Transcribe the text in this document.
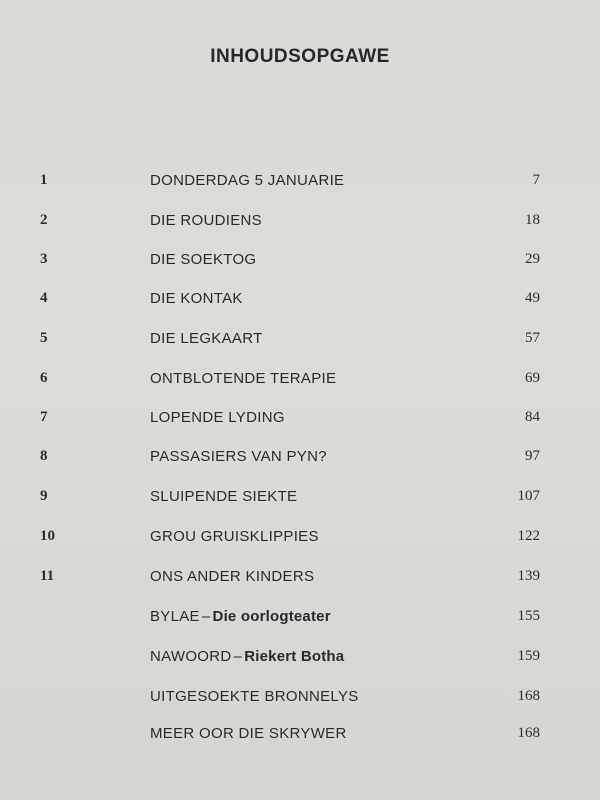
INHOUDSOPGAWE
1	DONDERDAG 5 JANUARIE	7
2	DIE ROUDIENS	18
3	DIE SOEKTOG	29
4	DIE KONTAK	49
5	DIE LEGKAART	57
6	ONTBLOTENDE TERAPIE	69
7	LOPENDE LYDING	84
8	PASSASIERS VAN PYN?	97
9	SLUIPENDE SIEKTE	107
10	GROU GRUISKLIPPIES	122
11	ONS ANDER KINDERS	139
BYLAE – Die oorlogteater	155
NAWOORD – Riekert Botha	159
UITGESOEKTE BRONNELYS	168
MEER OOR DIE SKRYWER	168
